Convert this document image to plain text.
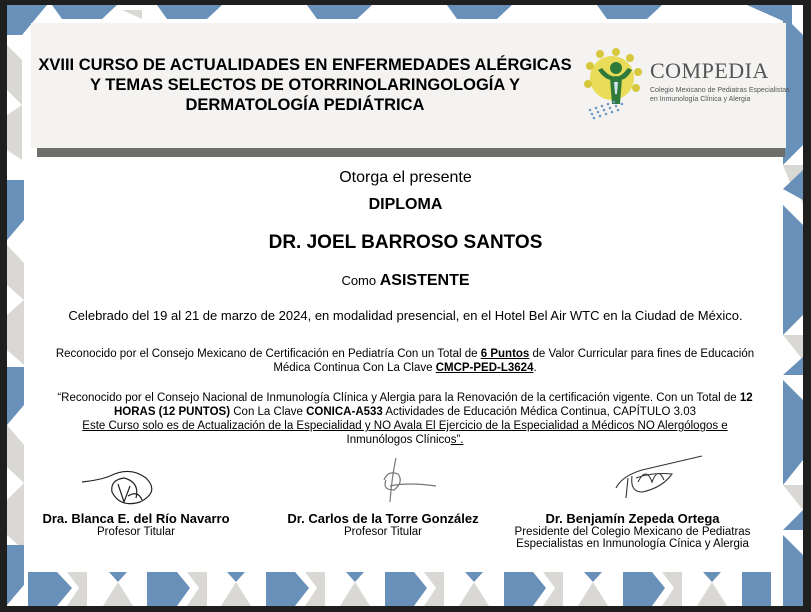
XVIII CURSO DE ACTUALIDADES EN ENFERMEDADES ALÉRGICAS
Y TEMAS SELECTOS DE OTORRINOLARINGOLOGÍA Y
DERMATOLOGÍA PEDIÁTRICA
COMPEDIA
Colegio Mexicano de Pediatras Especialistas
en Inmunología Clínica y Alergia
Otorga el presente
DIPLOMA
DR. JOEL BARROSO SANTOS
Como ASISTENTE
Celebrado del 19 al 21 de marzo de 2024, en modalidad presencial, en el Hotel Bel Air WTC en la Ciudad de México.
Reconocido por el Consejo Mexicano de Certificación en Pediatría Con un Total de 6 Puntos de Valor Curricular para fines de Educación Médica Continua Con La Clave CMCP-PED-L3624.
“Reconocido por el Consejo Nacional de Inmunología Clínica y Alergia para la Renovación de la certificación vigente. Con un Total de 12 HORAS (12 PUNTOS) Con La Clave CONICA-A533 Actividades de Educación Médica Continua, CAPÍTULO 3.03
Este Curso solo es de Actualización de la Especialidad y NO Avala El Ejercicio de la Especialidad a Médicos NO Alergólogos e
Inmunólogos Clínicos”.
Dra. Blanca E. del Río Navarro
Profesor Titular
Dr. Carlos de la Torre González
Profesor Titular
Dr. Benjamín Zepeda Ortega
Presidente del Colegio Mexicano de Pediatras
Especialistas en Inmunología Cínica y Alergia
